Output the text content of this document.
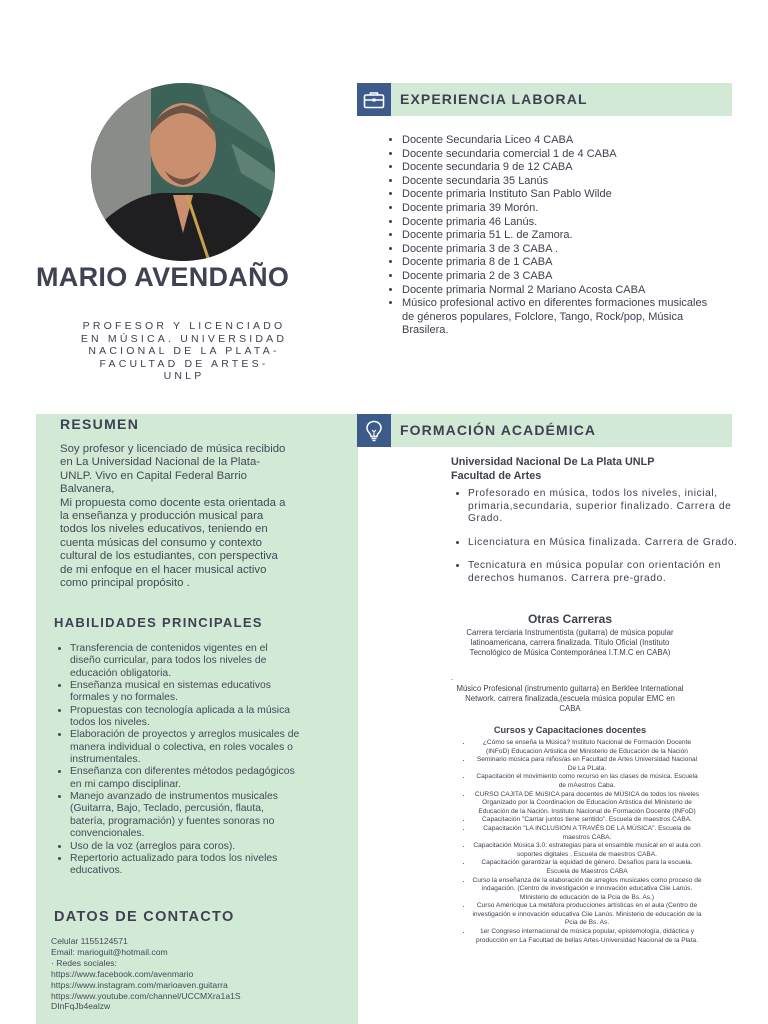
MARIO AVENDAÑO
PROFESOR Y LICENCIADO EN MÚSICA. UNIVERSIDAD NACIONAL DE LA PLATA- FACULTAD DE ARTES-UNLP
RESUMEN
Soy profesor y licenciado de música recibido en La Universidad Nacional de la Plata-UNLP. Vivo en Capital Federal Barrio Balvanera,
Mi propuesta como docente esta orientada a la enseñanza y producción musical para todos los niveles educativos, teniendo en cuenta músicas del consumo y contexto cultural de los estudiantes, con perspectiva de mi enfoque en el hacer musical activo como principal propósito .
HABILIDADES PRINCIPALES
• Transferencia de contenidos vigentes en el diseño curricular, para todos los niveles de educación obligatoria.
• Enseñanza musical en sistemas educativos formales y no formales.
• Propuestas con tecnología aplicada a la música todos los niveles.
• Elaboración de proyectos y arreglos musicales de manera individual o colectiva, en roles vocales o instrumentales.
• Enseñanza con diferentes métodos pedagógicos en mi campo disciplinar.
• Manejo avanzado de instrumentos musicales (Guitarra, Bajo, Teclado, percusión, flauta, batería, programación) y fuentes sonoras no convencionales.
• Uso de la voz (arreglos para coros).
• Repertorio actualizado para todos los niveles educativos.
DATOS DE CONTACTO
Celular 1155124571
Email: marioguit@hotmail.com
· Redes sociales:
https://www.facebook.com/avenmario
https://www.instagram.com/marioaven.guitarra
https://www.youtube.com/channel/UCCMXra1a1S
DInFqJb4ealzw
EXPERIENCIA LABORAL
• Docente Secundaria Liceo 4 CABA
• Docente secundaria comercial 1 de 4 CABA
• Docente secundaria 9 de 12 CABA
• Docente secundaria 35 Lanús
• Docente primaria Instituto San Pablo Wilde
• Docente primaria 39 Morón.
• Docente primaria 46 Lanús.
• Docente primaria 51 L. de Zamora.
• Docente primaria 3 de 3 CABA .
• Docente primaria 8 de 1 CABA
• Docente primaria 2 de 3 CABA
• Docente primaria Normal 2 Mariano Acosta CABA
• Músico profesional activo en diferentes formaciones musicales de géneros populares, Folclore, Tango, Rock/pop, Música Brasilera.
FORMACIÓN ACADÉMICA
Universidad Nacional De La Plata UNLP Facultad de Artes
• Profesorado en música, todos los niveles, inicial, primaria,secundaria, superior finalizado. Carrera de Grado.
• Licenciatura en Música finalizada. Carrera de Grado.
• Tecnicatura en música popular con orientación en derechos humanos. Carrera pre-grado.
Otras Carreras
Carrera terciaria Instrumentista (guitarra) de música popular latinoamericana, carrera finalizada. Título Oficial (Instituto Tecnológico de Música Contemporánea I.T.M.C en CABA)
.
Músico Profesional (instrumento guitarra) en Berklee International Network. carrera finalizada,(escuela música popular EMC en CABA
Cursos y Capacitaciones docentes
• ¿Cómo se enseña la Música? Instituto Nacional de Formación Docente (INFoD) Educacion Artistica del Ministerio de Educación de la Nación
• Seminario música para niños/as en Facultad de Artes Universidad Nacional De La PLata.
• Capacitación el movimiento como recurso en las clases de música. Escuela de mAestros Caba.
• CURSO CAJITA DE MúSICA para docentes de MÚSICA de todos los niveles Organizado por la Coordinacion de Educacion Artistica del Ministerio de Educación de la Nación. Instituto Nacional de Formación Docente (INFoD)
• Capacitación "Cantar juntos tiene sentido". Escuela de maestros CABA.
• Capacitación "LA INCLUSION A TRAVÉS DE LA MÚSICA". Escuela de maestros CABA.
• Capacitación Música 3.0: estrategias para el ensamble musical en el aula con soportes digitales . Escuela de maestros CABA.
• Capacitación garantizar la equidad de género. Desafíos para la escuela. Escuela de Maestros CABA
• Curso la enseñanza de la elaboración de arreglos musicales como proceso de indagación. (Centro de investigación e innovación educativa Ciie Lanús. MInisterio de educación de la Pcia de Bs. As.)
• Curso Américque La metáfora producciones artísticas en el aula (Centro de investigación e innovación educativa Ciie Lanús. Ministerio de educación de la Pcia de Bs. As.
• 1er Congreso internacional de música popular, epistemología, didáctica y producción en La Facultad de bellas Artes-Universidad Nacional de la Plata.
